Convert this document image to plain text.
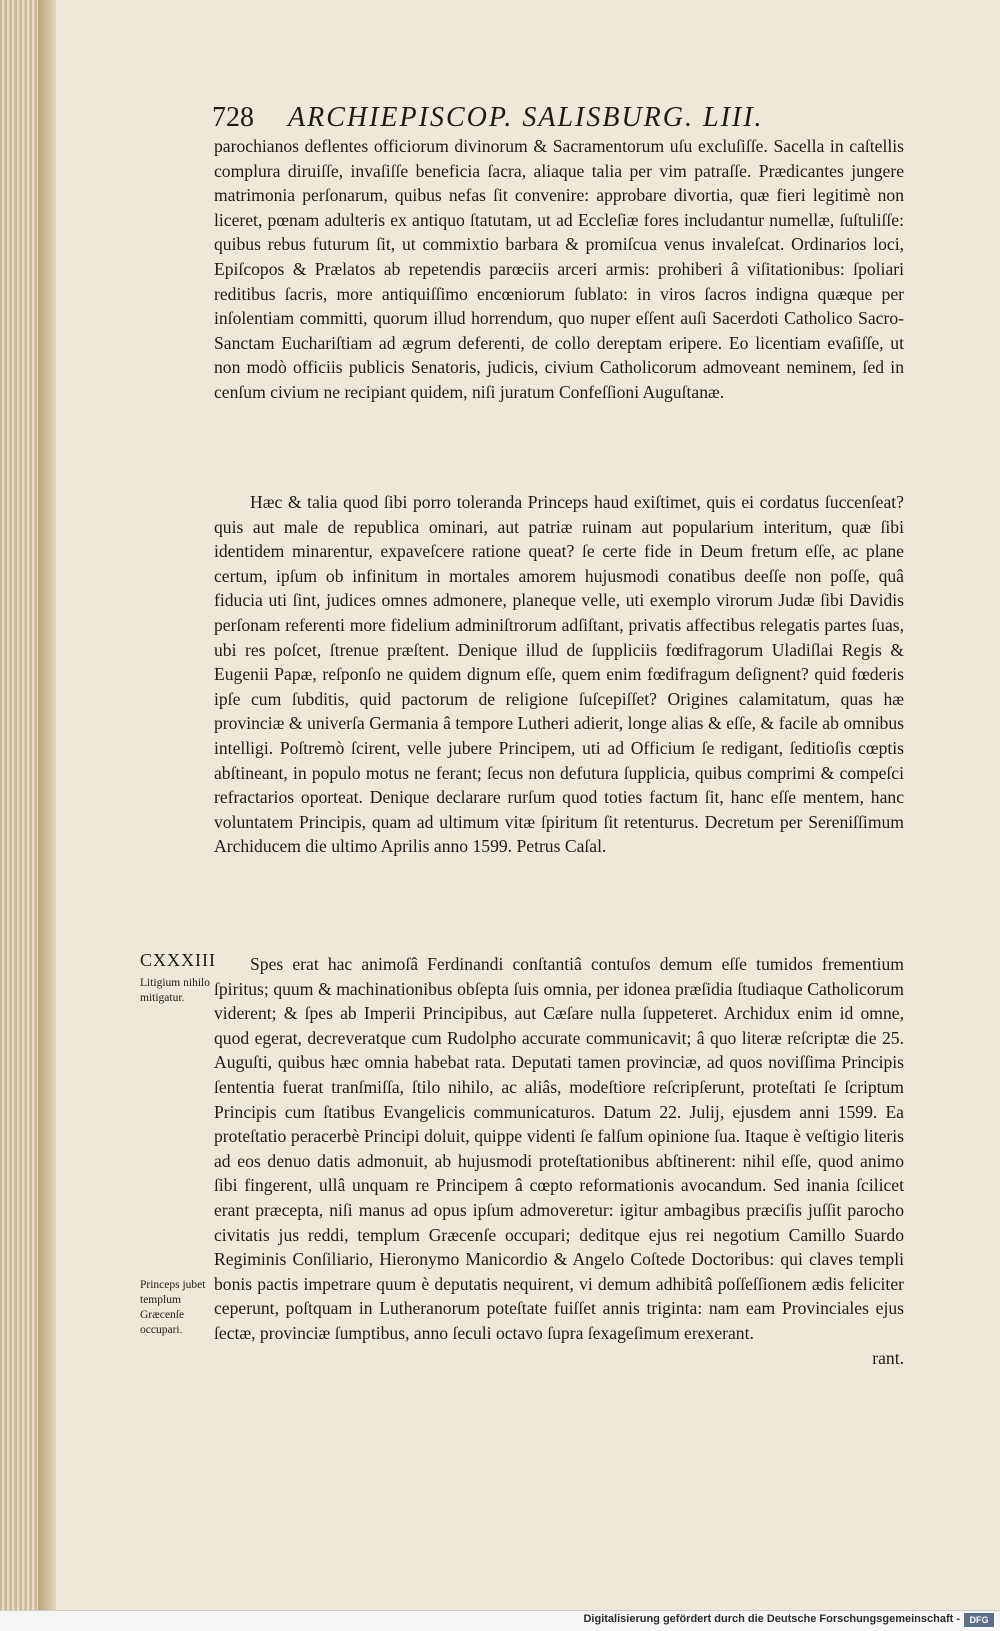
728 ARCHIEPISCOP. SALISBURG. LIII.

parochianos deflentes officiorum divinorum & Sacramentorum uſu excluſiſſe. Sacella in caſtellis complura diruiſſe, invaſiſſe beneficia ſacra, aliaque talia per vim patraſſe. Prædicantes jungere matrimonia perſonarum, quibus nefas ſit convenire: approbare divortia, quæ fieri legitimè non liceret, pœnam adulteris ex antiquo ſtatutam, ut ad Eccleſiæ fores includantur numellæ, ſuſtuliſſe: quibus rebus futurum ſit, ut commixtio barbara & promiſcua venus invaleſcat. Ordinarios loci, Epiſcopos & Prælatos ab repetendis parœciis arceri armis: prohiberi â viſitationibus: ſpoliari reditibus ſacris, more antiquiſſimo encœniorum ſublato: in viros ſacros indigna quæque per inſolentiam committi, quorum illud horrendum, quo nuper eſſent auſi Sacerdoti Catholico Sacro-Sanctam Euchariſtiam ad ægrum deferenti, de collo dereptam eripere. Eo licentiam evaſiſſe, ut non modò officiis publicis Senatoris, judicis, civium Catholicorum admoveant neminem, ſed in cenſum civium ne recipiant quidem, niſi juratum Confeſſioni Auguſtanæ.

Hæc & talia quod ſibi porro toleranda Princeps haud exiſtimet, quis ei cordatus ſuccenſeat? quis aut male de republica ominari, aut patriæ ruinam aut popularium interitum, quæ ſibi identidem minarentur, expaveſcere ratione queat? ſe certe fide in Deum fretum eſſe, ac plane certum, ipſum ob infinitum in mortales amorem hujusmodi conatibus deeſſe non poſſe, quâ fiducia uti ſint, judices omnes admonere, planeque velle, uti exemplo virorum Judæ ſibi Davidis perſonam referenti more fidelium adminiſtrorum adſiſtant, privatis affectibus relegatis partes ſuas, ubi res poſcet, ſtrenue præſtent. Denique illud de ſuppliciis fœdifragorum Uladiſlai Regis & Eugenii Papæ, reſponſo ne quidem dignum eſſe, quem enim fœdifragum deſignent? quid fœderis ipſe cum ſubditis, quid pactorum de religione ſuſcepiſſet? Origines calamitatum, quas hæ provinciæ & univerſa Germania â tempore Lutheri adierit, longe alias & eſſe, & facile ab omnibus intelligi. Poſtremò ſcirent, velle jubere Principem, uti ad Officium ſe redigant, ſeditioſis cœptis abſtineant, in populo motus ne ferant; ſecus non defutura ſupplicia, quibus comprimi & compeſci refractarios oporteat. Denique declarare rurſum quod toties factum ſit, hanc eſſe mentem, hanc voluntatem Principis, quam ad ultimum vitæ ſpiritum ſit retenturus. Decretum per Sereniſſimum Archiducem die ultimo Aprilis anno 1599. Petrus Caſal.

CXXXIII
Litigium nihilo mitigatur.
Princeps jubet templum Græcenſe occupari.

Spes erat hac animoſâ Ferdinandi conſtantiâ contuſos demum eſſe tumidos frementium ſpiritus; quum & machinationibus obſepta ſuis omnia, per idonea præſidia ſtudiaque Catholicorum viderent; & ſpes ab Imperii Principibus, aut Cæſare nulla ſuppeteret. Archidux enim id omne, quod egerat, decreveratque cum Rudolpho accurate communicavit; â quo literæ reſcriptæ die 25. Auguſti, quibus hæc omnia habebat rata. Deputati tamen provinciæ, ad quos noviſſima Principis ſententia fuerat tranſmiſſa, ſtilo nihilo, ac aliâs, modeſtiore reſcripſerunt, proteſtati ſe ſcriptum Principis cum ſtatibus Evangelicis communicaturos. Datum 22. Julij, ejusdem anni 1599. Ea proteſtatio peracerbè Principi doluit, quippe videnti ſe falſum opinione ſua. Itaque è veſtigio literis ad eos denuo datis admonuit, ab hujusmodi proteſtationibus abſtinerent: nihil eſſe, quod animo ſibi fingerent, ullâ unquam re Principem â cœpto reformationis avocandum. Sed inania ſcilicet erant præcepta, niſi manus ad opus ipſum admoveretur: igitur ambagibus præciſis juſſit parocho civitatis jus reddi, templum Græcenſe occupari; deditque ejus rei negotium Camillo Suardo Regiminis Conſiliario, Hieronymo Manicordio & Angelo Coſtede Doctoribus: qui claves templi bonis pactis impetrare quum è deputatis nequirent, vi demum adhibitâ poſſeſſionem ædis feliciter ceperunt, poſtquam in Lutheranorum poteſtate fuiſſet annis triginta: nam eam Provinciales ejus ſectæ, provinciæ ſumptibus, anno ſeculi octavo ſupra ſexageſimum erexerant.

rant.

Digitalisierung gefördert durch die Deutsche Forschungsgemeinschaft -	DFG
